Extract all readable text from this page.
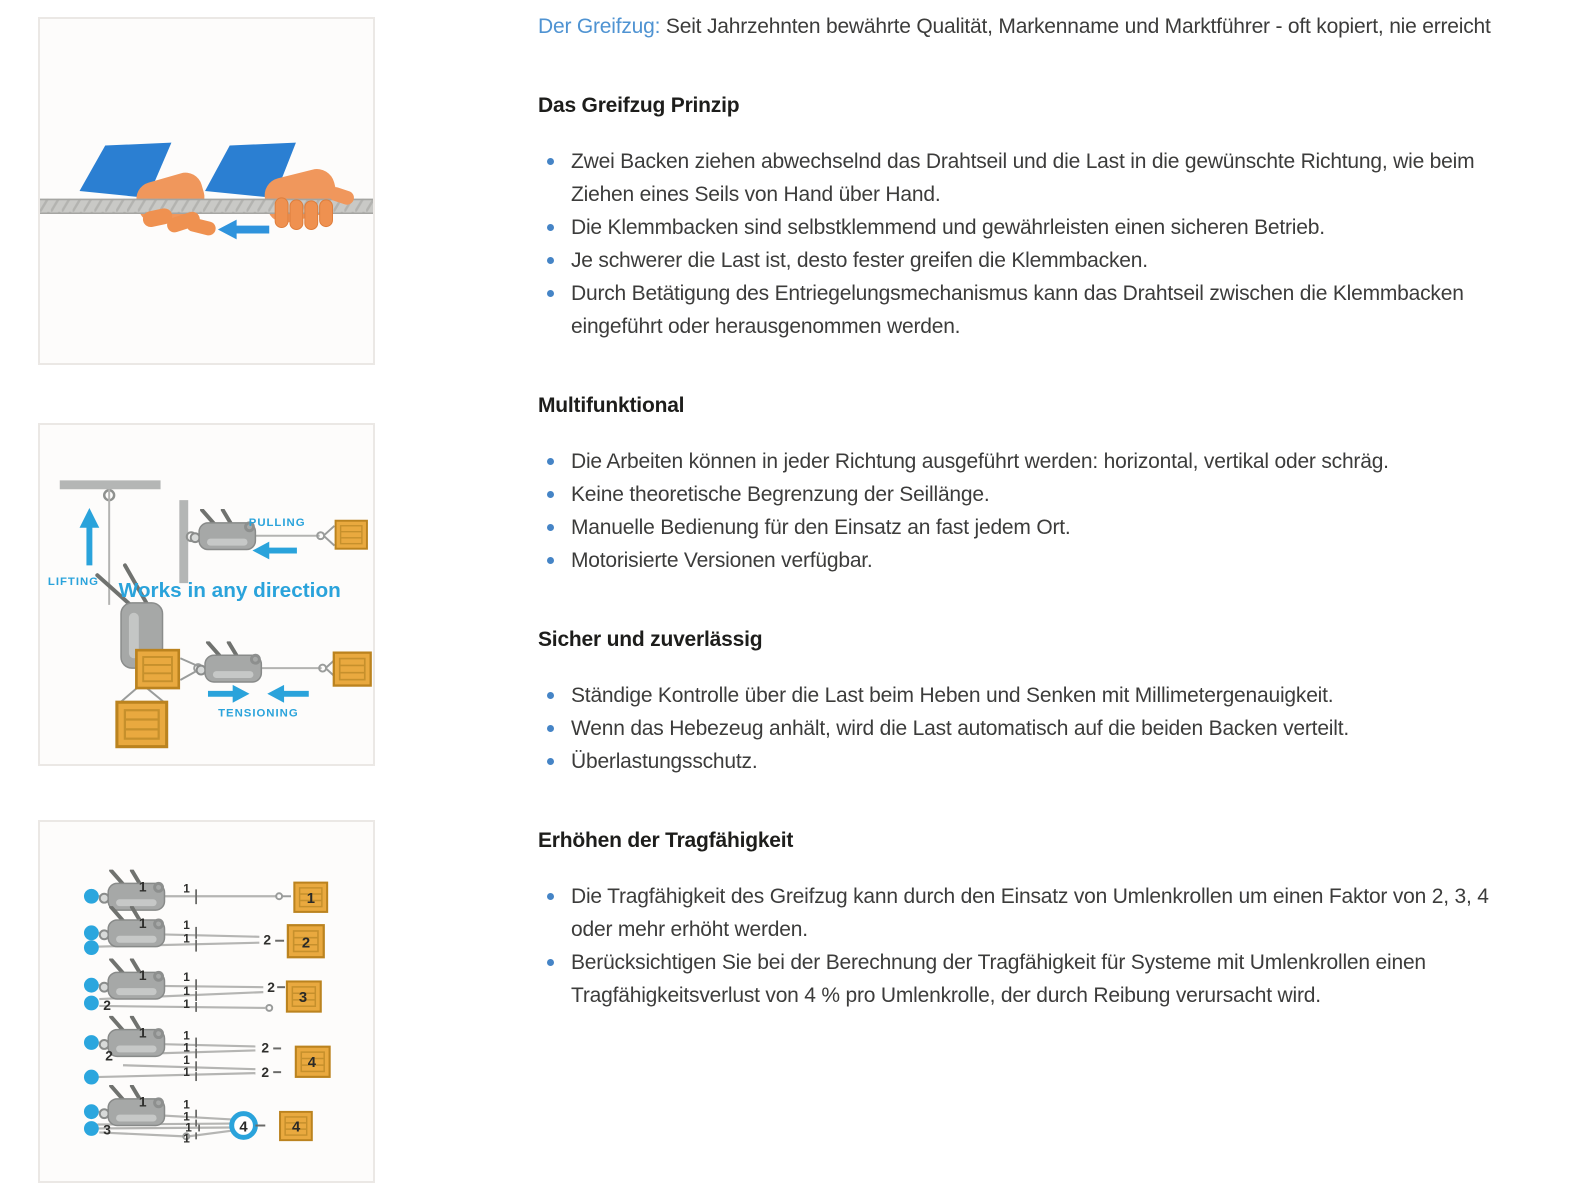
LIFTING
PULLING
Works in any direction
TENSIONING
1	1
1
1	1
1	2 2
1	1
1
1
2
2
3
1	1
1
1
1
2	2
2
4
1	1
1
1
1
3	4	4

Der Greifzug: Seit Jahrzehnten bewährte Qualität, Markenname und Marktführer - oft kopiert, nie erreicht

Das Greifzug Prinzip
Zwei Backen ziehen abwechselnd das Drahtseil und die Last in die gewünschte Richtung, wie beim Ziehen eines Seils von Hand über Hand.
Die Klemmbacken sind selbstklemmend und gewährleisten einen sicheren Betrieb.
Je schwerer die Last ist, desto fester greifen die Klemmbacken.
Durch Betätigung des Entriegelungsmechanismus kann das Drahtseil zwischen die Klemmbacken eingeführt oder herausgenommen werden.
Multifunktional
Die Arbeiten können in jeder Richtung ausgeführt werden: horizontal, vertikal oder schräg.
Keine theoretische Begrenzung der Seillänge.
Manuelle Bedienung für den Einsatz an fast jedem Ort.
Motorisierte Versionen verfügbar.
Sicher und zuverlässig
Ständige Kontrolle über die Last beim Heben und Senken mit Millimetergenauigkeit.
Wenn das Hebezeug anhält, wird die Last automatisch auf die beiden Backen verteilt.
Überlastungsschutz.
Erhöhen der Tragfähigkeit
Die Tragfähigkeit des Greifzug kann durch den Einsatz von Umlenkrollen um einen Faktor von 2, 3, 4 oder mehr erhöht werden.
Berücksichtigen Sie bei der Berechnung der Tragfähigkeit für Systeme mit Umlenkrollen einen Tragfähigkeitsverlust von 4 % pro Umlenkrolle, der durch Reibung verursacht wird.
